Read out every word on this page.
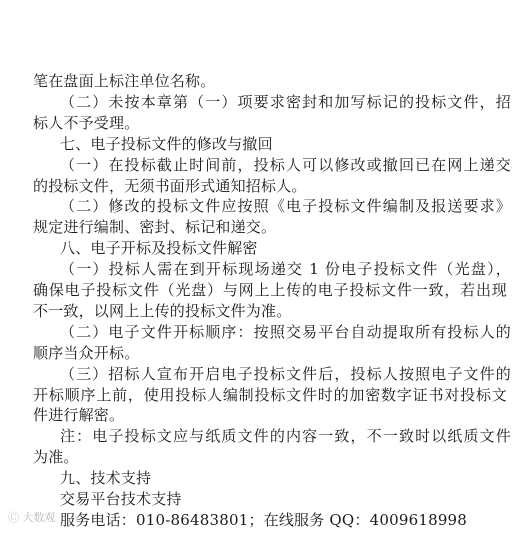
笔在盘面上标注单位名称。

（二）未按本章第（一）项要求密封和加写标记的投标文件，招

标人不予受理。

七、电子投标文件的修改与撤回

（一）在投标截止时间前，投标人可以修改或撤回已在网上递交

的投标文件，无须书面形式通知招标人。

（二）修改的投标文件应按照《电子投标文件编制及报送要求》

规定进行编制、密封、标记和递交。

八、电子开标及投标文件解密

（一）投标人需在到开标现场递交 1 份电子投标文件（光盘），

确保电子投标文件（光盘）与网上上传的电子投标文件一致，若出现

不一致，以网上上传的投标文件为准。

（二）电子文件开标顺序：按照交易平台自动提取所有投标人的

顺序当众开标。

（三）招标人宣布开启电子投标文件后，投标人按照电子文件的

开标顺序上前，使用投标人编制投标文件时的加密数字证书对投标文

件进行解密。

注：电子投标文应与纸质文件的内容一致，不一致时以纸质文件

为准。

九、技术支持

交易平台技术支持

服务电话：010-86483801；在线服务 QQ：4009618998

Ⓒ 大数观
